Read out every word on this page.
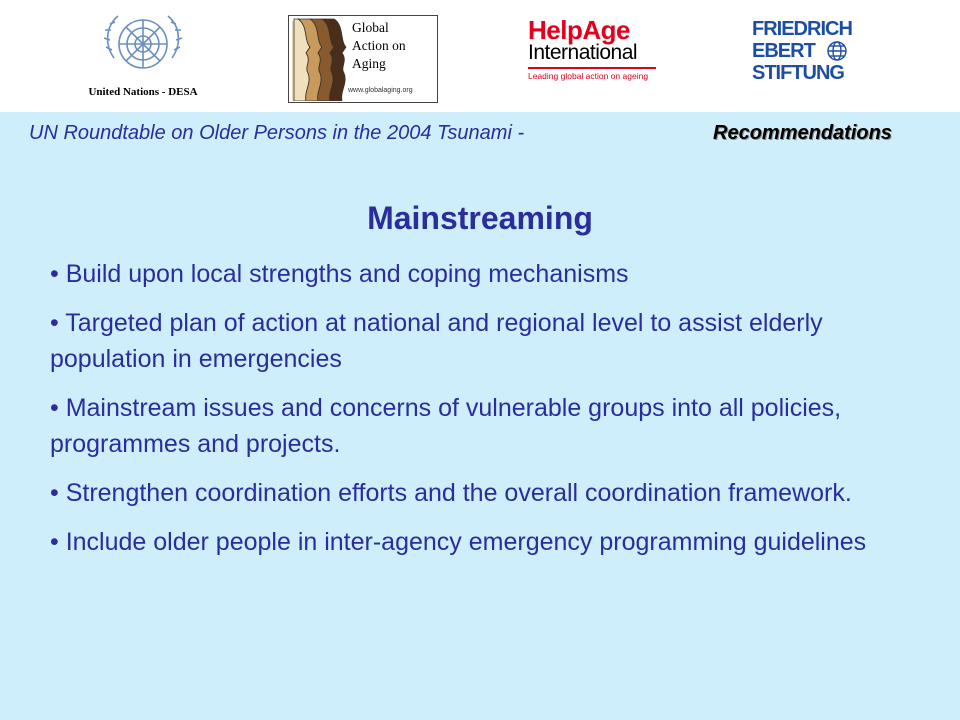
United Nations - DESA
Global
Action on
Aging
www.globalaging.org
HelpAge
International
Leading global action on ageing
FRIEDRICH
EBERT
STIFTUNG
UN Roundtable on Older Persons in the 2004 Tsunami -	Recommendations
Mainstreaming
• Build upon local strengths and coping mechanisms
• Targeted plan of action at national and regional level to assist elderly population in emergencies
• Mainstream issues and concerns of vulnerable groups into all policies, programmes and projects.
• Strengthen coordination efforts and the overall coordination framework.
• Include older people in inter-agency emergency programming guidelines
